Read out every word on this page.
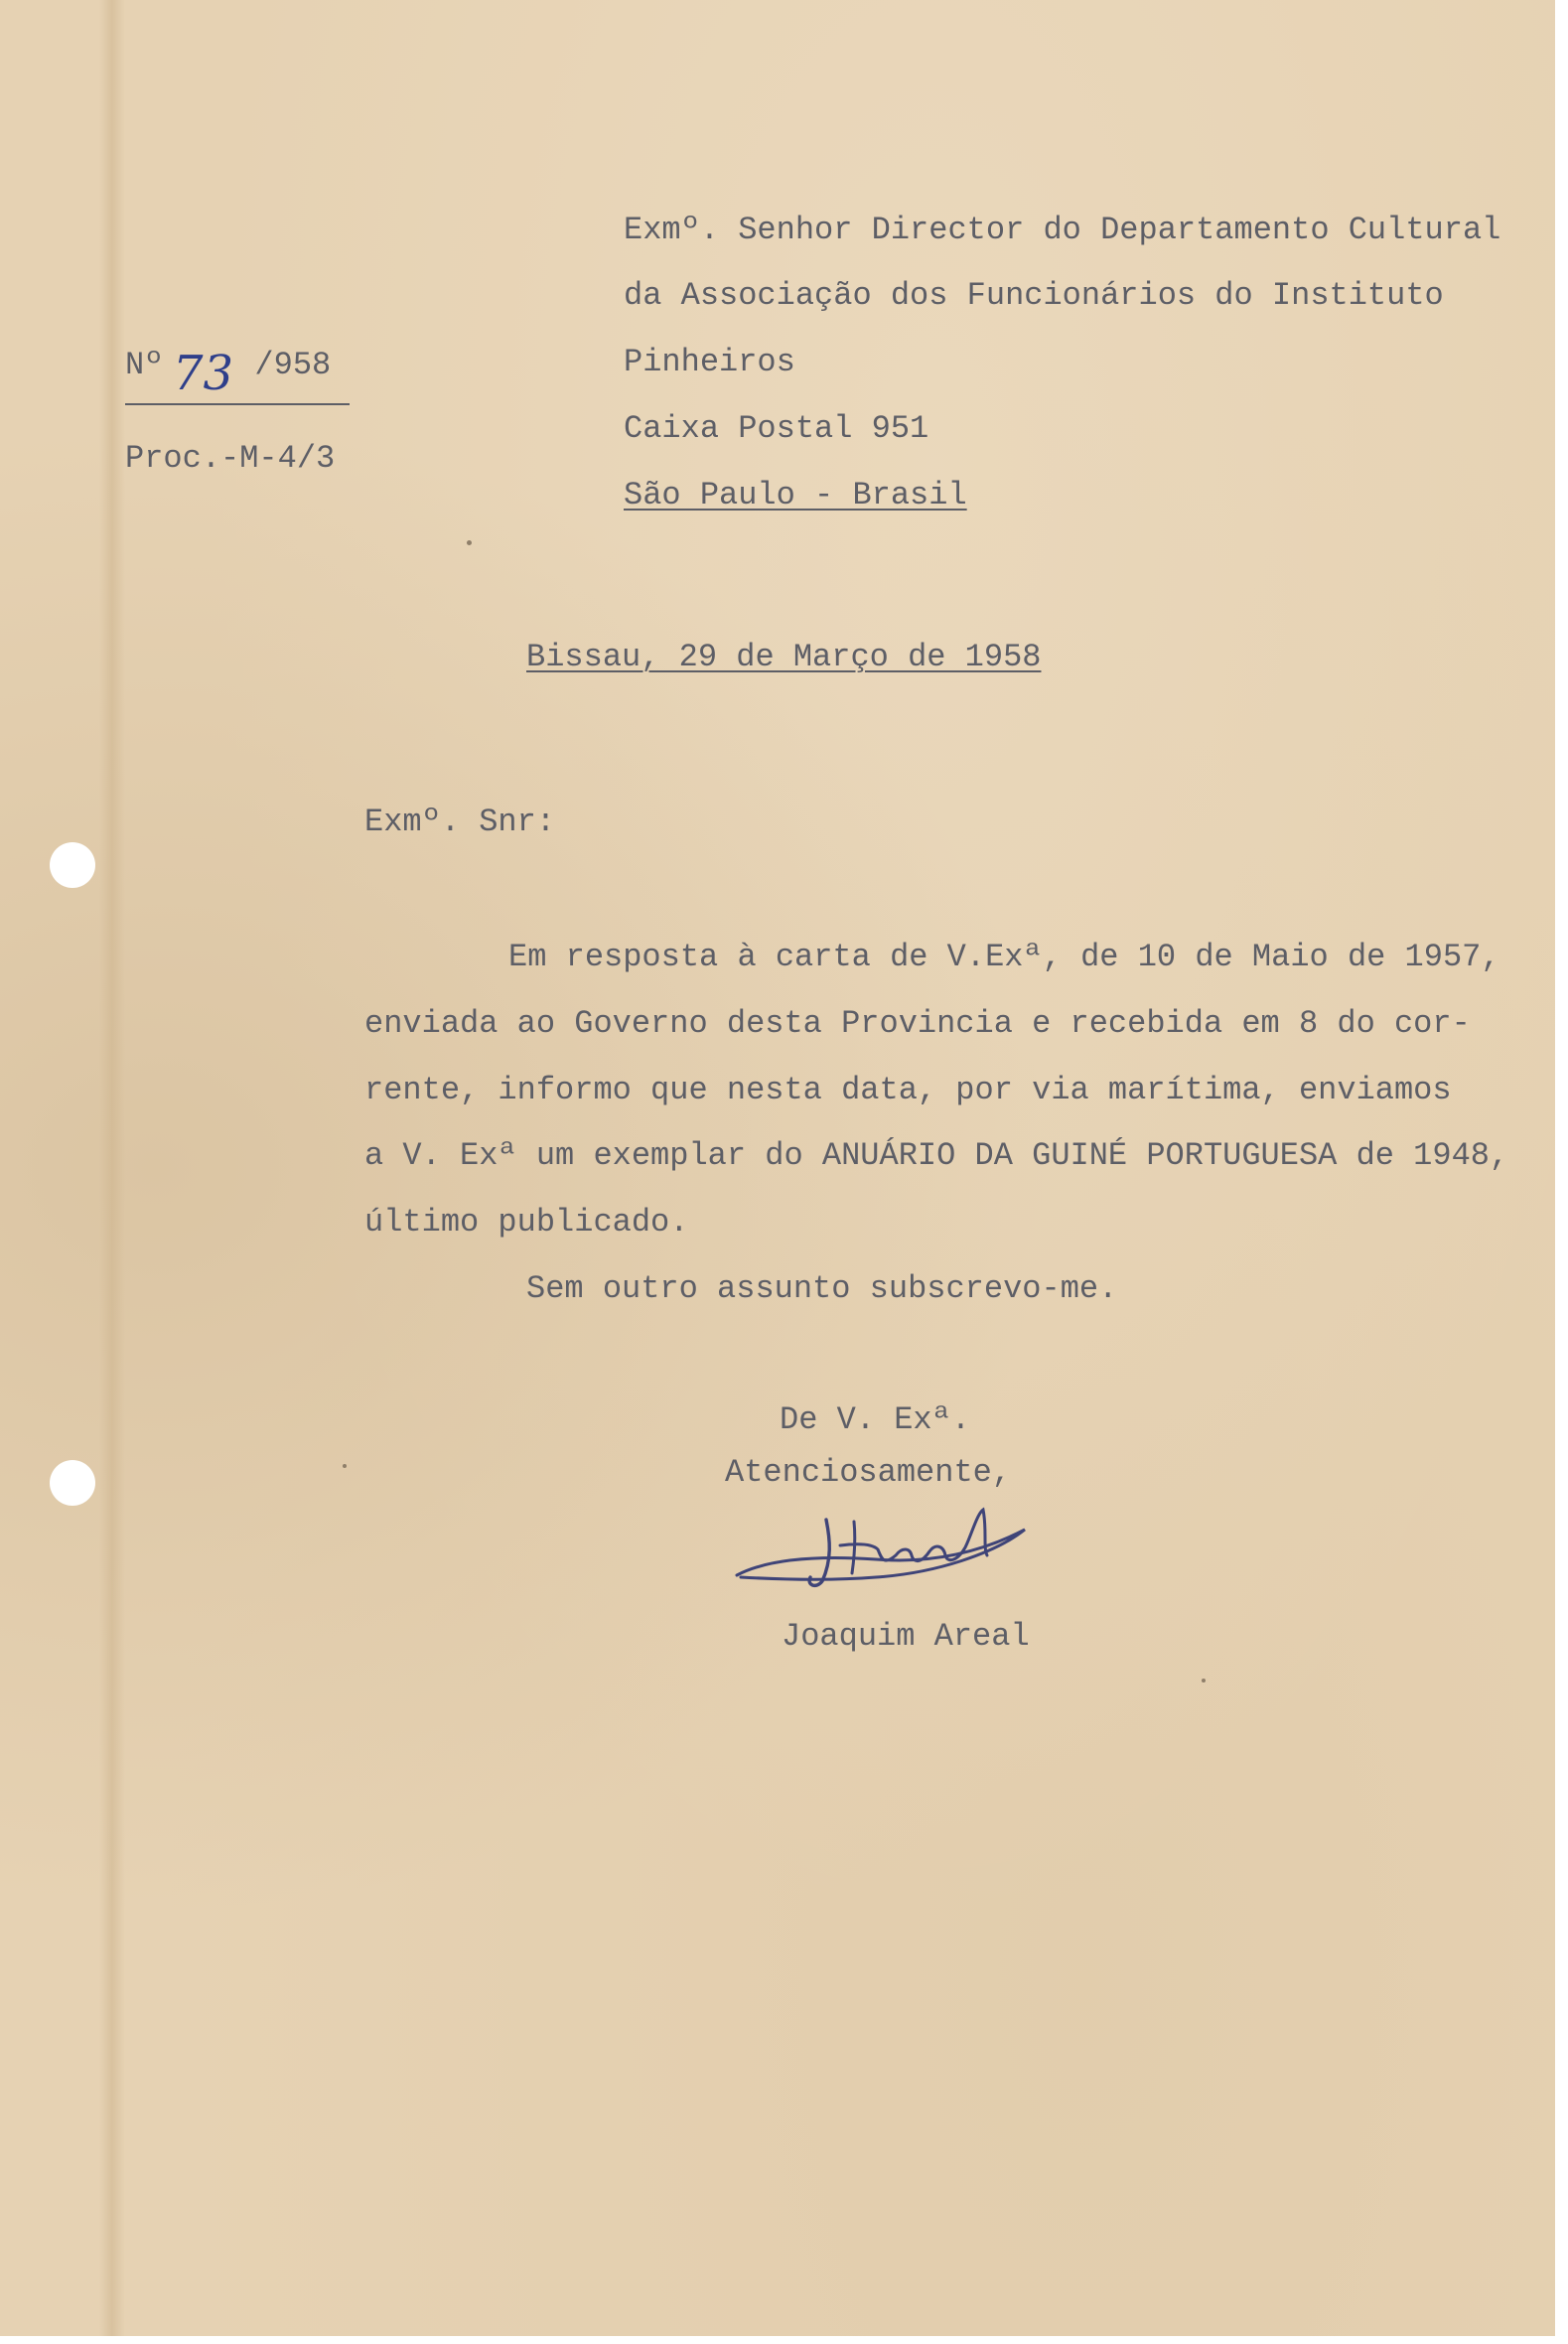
Nº	/958
73

Proc.-M-4/3

Exmº. Senhor Director do Departamento Cultural

da Associação dos Funcionários do Instituto

Pinheiros

Caixa Postal 951

São Paulo - Brasil

Bissau, 29 de Março de 1958

Exmº. Snr:

Em resposta à carta de V.Exª, de 10 de Maio de 1957,

enviada ao Governo desta Provincia e recebida em 8 do cor-

rente, informo que nesta data, por via marítima, enviamos

a V. Exª um exemplar do ANUÁRIO DA GUINÉ PORTUGUESA de 1948,

último publicado.

Sem outro assunto subscrevo-me.

De V. Exª.

Atenciosamente,

Joaquim Areal
